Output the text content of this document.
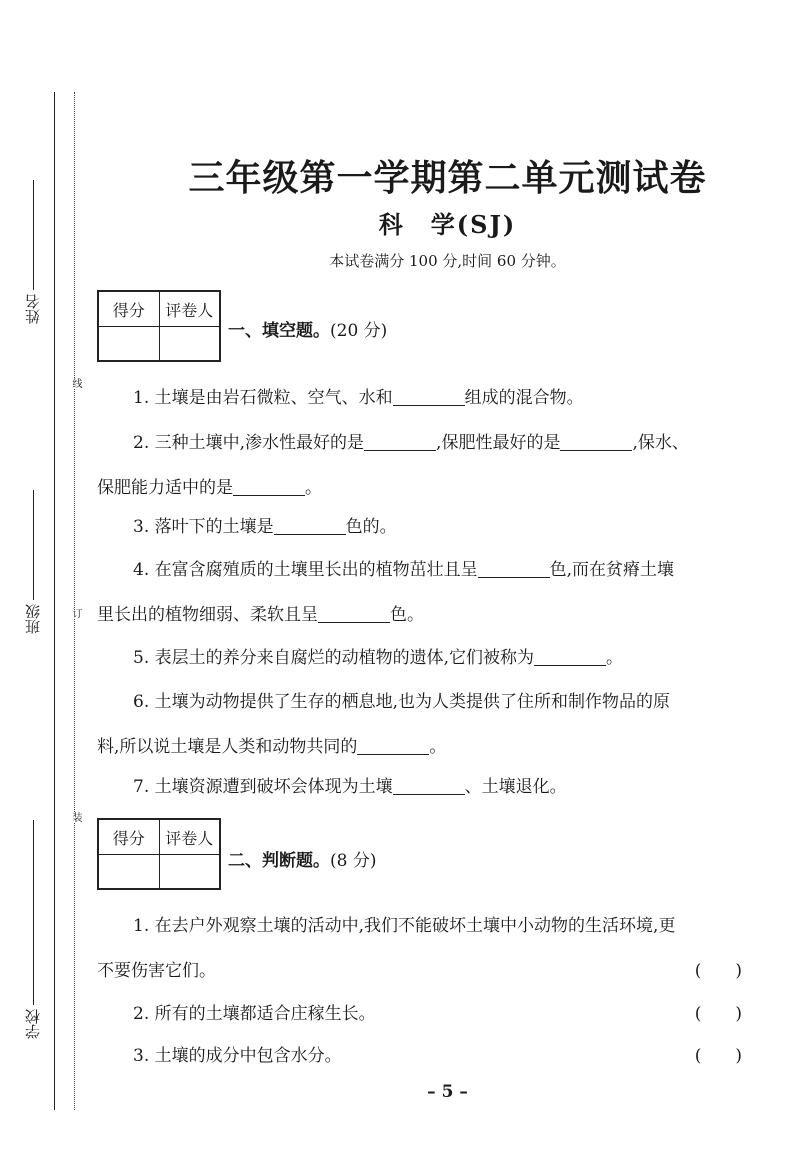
姓名
班级
学校
线
订
装
三年级第一学期第二单元测试卷
科　学(SJ)
本试卷满分 100 分,时间 60 分钟。
得分	评卷人

一、填空题。(20 分)
1. 土壤是由岩石微粒、空气、水和	组成的混合物。
2. 三种土壤中,渗水性最好的是	,保肥性最好的是	,保水、
保肥能力适中的是	。
3. 落叶下的土壤是	色的。
4. 在富含腐殖质的土壤里长出的植物茁壮且呈	色,而在贫瘠土壤
里长出的植物细弱、柔软且呈	色。
5. 表层土的养分来自腐烂的动植物的遗体,它们被称为	。
6. 土壤为动物提供了生存的栖息地,也为人类提供了住所和制作物品的原
料,所以说土壤是人类和动物共同的	。
7. 土壤资源遭到破坏会体现为土壤	、土壤退化。
得分	评卷人

二、判断题。(8 分)
1. 在去户外观察土壤的活动中,我们不能破坏土壤中小动物的生活环境,更
不要伤害它们。	(　　)
2. 所有的土壤都适合庄稼生长。	(　　)
3. 土壤的成分中包含水分。	(　　)
– 5 –
